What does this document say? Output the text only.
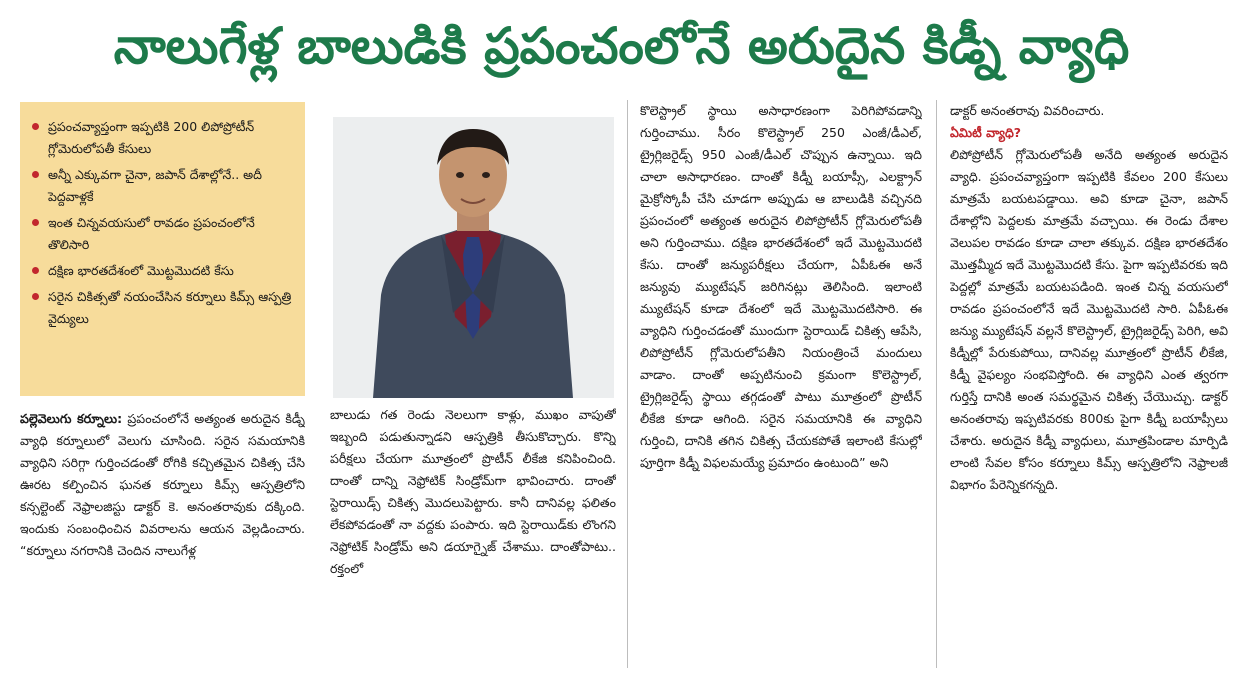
నాలుగేళ్ల బాలుడికి ప్రపంచంలోనే అరుదైన కిడ్నీ వ్యాధి
ప్రపంచవ్యాప్తంగా ఇప్పటికి 200 లిపోప్రోటీన్ గ్లోమెరులోపతీ కేసులు
అన్నీ ఎక్కువగా చైనా, జపాన్ దేశాల్లోనే.. అదీ పెద్దవాళ్లకే
ఇంత చిన్నవయసులో రావడం ప్రపంచంలోనే తొలిసారి
దక్షిణ భారతదేశంలో మొట్టమొదటి కేసు
సరైన చికిత్సతో నయంచేసిన కర్నూలు కిమ్స్ ఆస్పత్రి వైద్యులు

పల్లెవెలుగు కర్నూలు: ప్రపంచంలోనే అత్యంత అరుదైన కిడ్నీ వ్యాధి కర్నూలులో వెలుగు చూసింది. సరైన సమయానికి వ్యాధిని సరిగ్గా గుర్తించడంతో రోగికి కచ్చితమైన చికిత్స చేసి ఊరట కల్పించిన ఘనత కర్నూలు కిమ్స్ ఆస్పత్రిలోని కన్సల్టెంట్ నెఫ్రాలజిస్టు డాక్టర్ కె. అనంతరావుకు దక్కింది. ఇందుకు సంబంధించిన వివరాలను ఆయన వెల్లడించారు. “కర్నూలు నగరానికి చెందిన నాలుగేళ్ల

బాలుడు గత రెండు నెలలుగా కాళ్లు, ముఖం వాపుతో ఇబ్బంది పడుతున్నాడని ఆస్పత్రికి తీసుకొచ్చారు. కొన్ని పరీక్షలు చేయగా మూత్రంలో ప్రొటీన్ లీకేజి కనిపించింది. దాంతో దాన్ని నెఫ్రోటిక్ సిండ్రోమ్‌గా భావించారు. దాంతో స్టెరాయిడ్స్ చికిత్స మొదలుపెట్టారు. కానీ దానివల్ల ఫలితం లేకపోవడంతో నా వద్దకు పంపారు. ఇది స్టెరాయిడ్‌కు లొంగని నెఫ్రోటిక్ సిండ్రోమ్ అని డయాగ్నైజ్ చేశాము. దాంతోపాటు.. రక్తంలో

కొలెస్ట్రాల్ స్థాయి అసాధారణంగా పెరిగిపోవడాన్ని గుర్తించాము. సీరం కొలెస్ట్రాల్ 250 ఎంజీ/డీఎల్, ట్రైగ్లిజరైడ్స్ 950 ఎంజీ/డీఎల్ చొప్పున ఉన్నాయి. ఇది చాలా అసాధారణం. దాంతో కిడ్నీ బయాప్సీ, ఎలక్ట్రాన్ మైక్రోస్కోపీ చేసి చూడగా అప్పుడు ఆ బాలుడికి వచ్చినది ప్రపంచంలో అత్యంత అరుదైన లిపోప్రోటీన్ గ్లోమెరులోపతీ అని గుర్తించాము. దక్షిణ భారతదేశంలో ఇదే మొట్టమొదటి కేసు. దాంతో జన్యుపరీక్షలు చేయగా, ఏపీఓఈ అనే జన్యువు మ్యుటేషన్ జరిగినట్లు తెలిసింది. ఇలాంటి మ్యుటేషన్ కూడా దేశంలో ఇదే మొట్టమొదటిసారి. ఈ వ్యాధిని గుర్తించడంతో ముందుగా స్టెరాయిడ్ చికిత్స ఆపేసి, లిపోప్రోటీన్ గ్లోమెరులోపతీని నియంత్రించే మందులు వాడాం. దాంతో అప్పటినుంచి క్రమంగా కొలెస్ట్రాల్, ట్రైగ్లిజరైడ్స్ స్థాయి తగ్గడంతో పాటు మూత్రంలో ప్రొటీన్ లీకేజి కూడా ఆగింది. సరైన సమయానికి ఈ వ్యాధిని గుర్తించి, దానికి తగిన చికిత్స చేయకపోతే ఇలాంటి కేసుల్లో పూర్తిగా కిడ్నీ విఫలమయ్యే ప్రమాదం ఉంటుంది” అని

డాక్టర్ అనంతరావు వివరించారు.

ఏమిటీ వ్యాధి?

లిపోప్రోటీన్ గ్లోమెరులోపతీ అనేది అత్యంత అరుదైన వ్యాధి. ప్రపంచవ్యాప్తంగా ఇప్పటికి కేవలం 200 కేసులు మాత్రమే బయటపడ్డాయి. అవి కూడా చైనా, జపాన్ దేశాల్లోని పెద్దలకు మాత్రమే వచ్చాయి. ఈ రెండు దేశాల వెలుపల రావడం కూడా చాలా తక్కువ. దక్షిణ భారతదేశం మొత్తమ్మీద ఇదే మొట్టమొదటి కేసు. పైగా ఇప్పటివరకు ఇది పెద్దల్లో మాత్రమే బయటపడింది. ఇంత చిన్న వయసులో రావడం ప్రపంచంలోనే ఇదే మొట్టమొదటి సారి. ఏపీఓఈ జన్యు మ్యుటేషన్ వల్లనే కొలెస్ట్రాల్, ట్రైగ్లిజరైడ్స్ పెరిగి, అవి కిడ్నీల్లో పేరుకుపోయి, దానివల్ల మూత్రంలో ప్రొటీన్ లీకేజి, కిడ్నీ వైఫల్యం సంభవిస్తోంది. ఈ వ్యాధిని ఎంత త్వరగా గుర్తిస్తే దానికి అంత సమర్థమైన చికిత్స చేయొచ్చు. డాక్టర్ అనంతరావు ఇప్పటివరకు 800కు పైగా కిడ్నీ బయాప్సీలు చేశారు. అరుదైన కిడ్నీ వ్యాధులు, మూత్రపిండాల మార్పిడి లాంటి సేవల కోసం కర్నూలు కిమ్స్ ఆస్పత్రిలోని నెఫ్రాలజీ విభాగం పేరెన్నికగన్నది.
